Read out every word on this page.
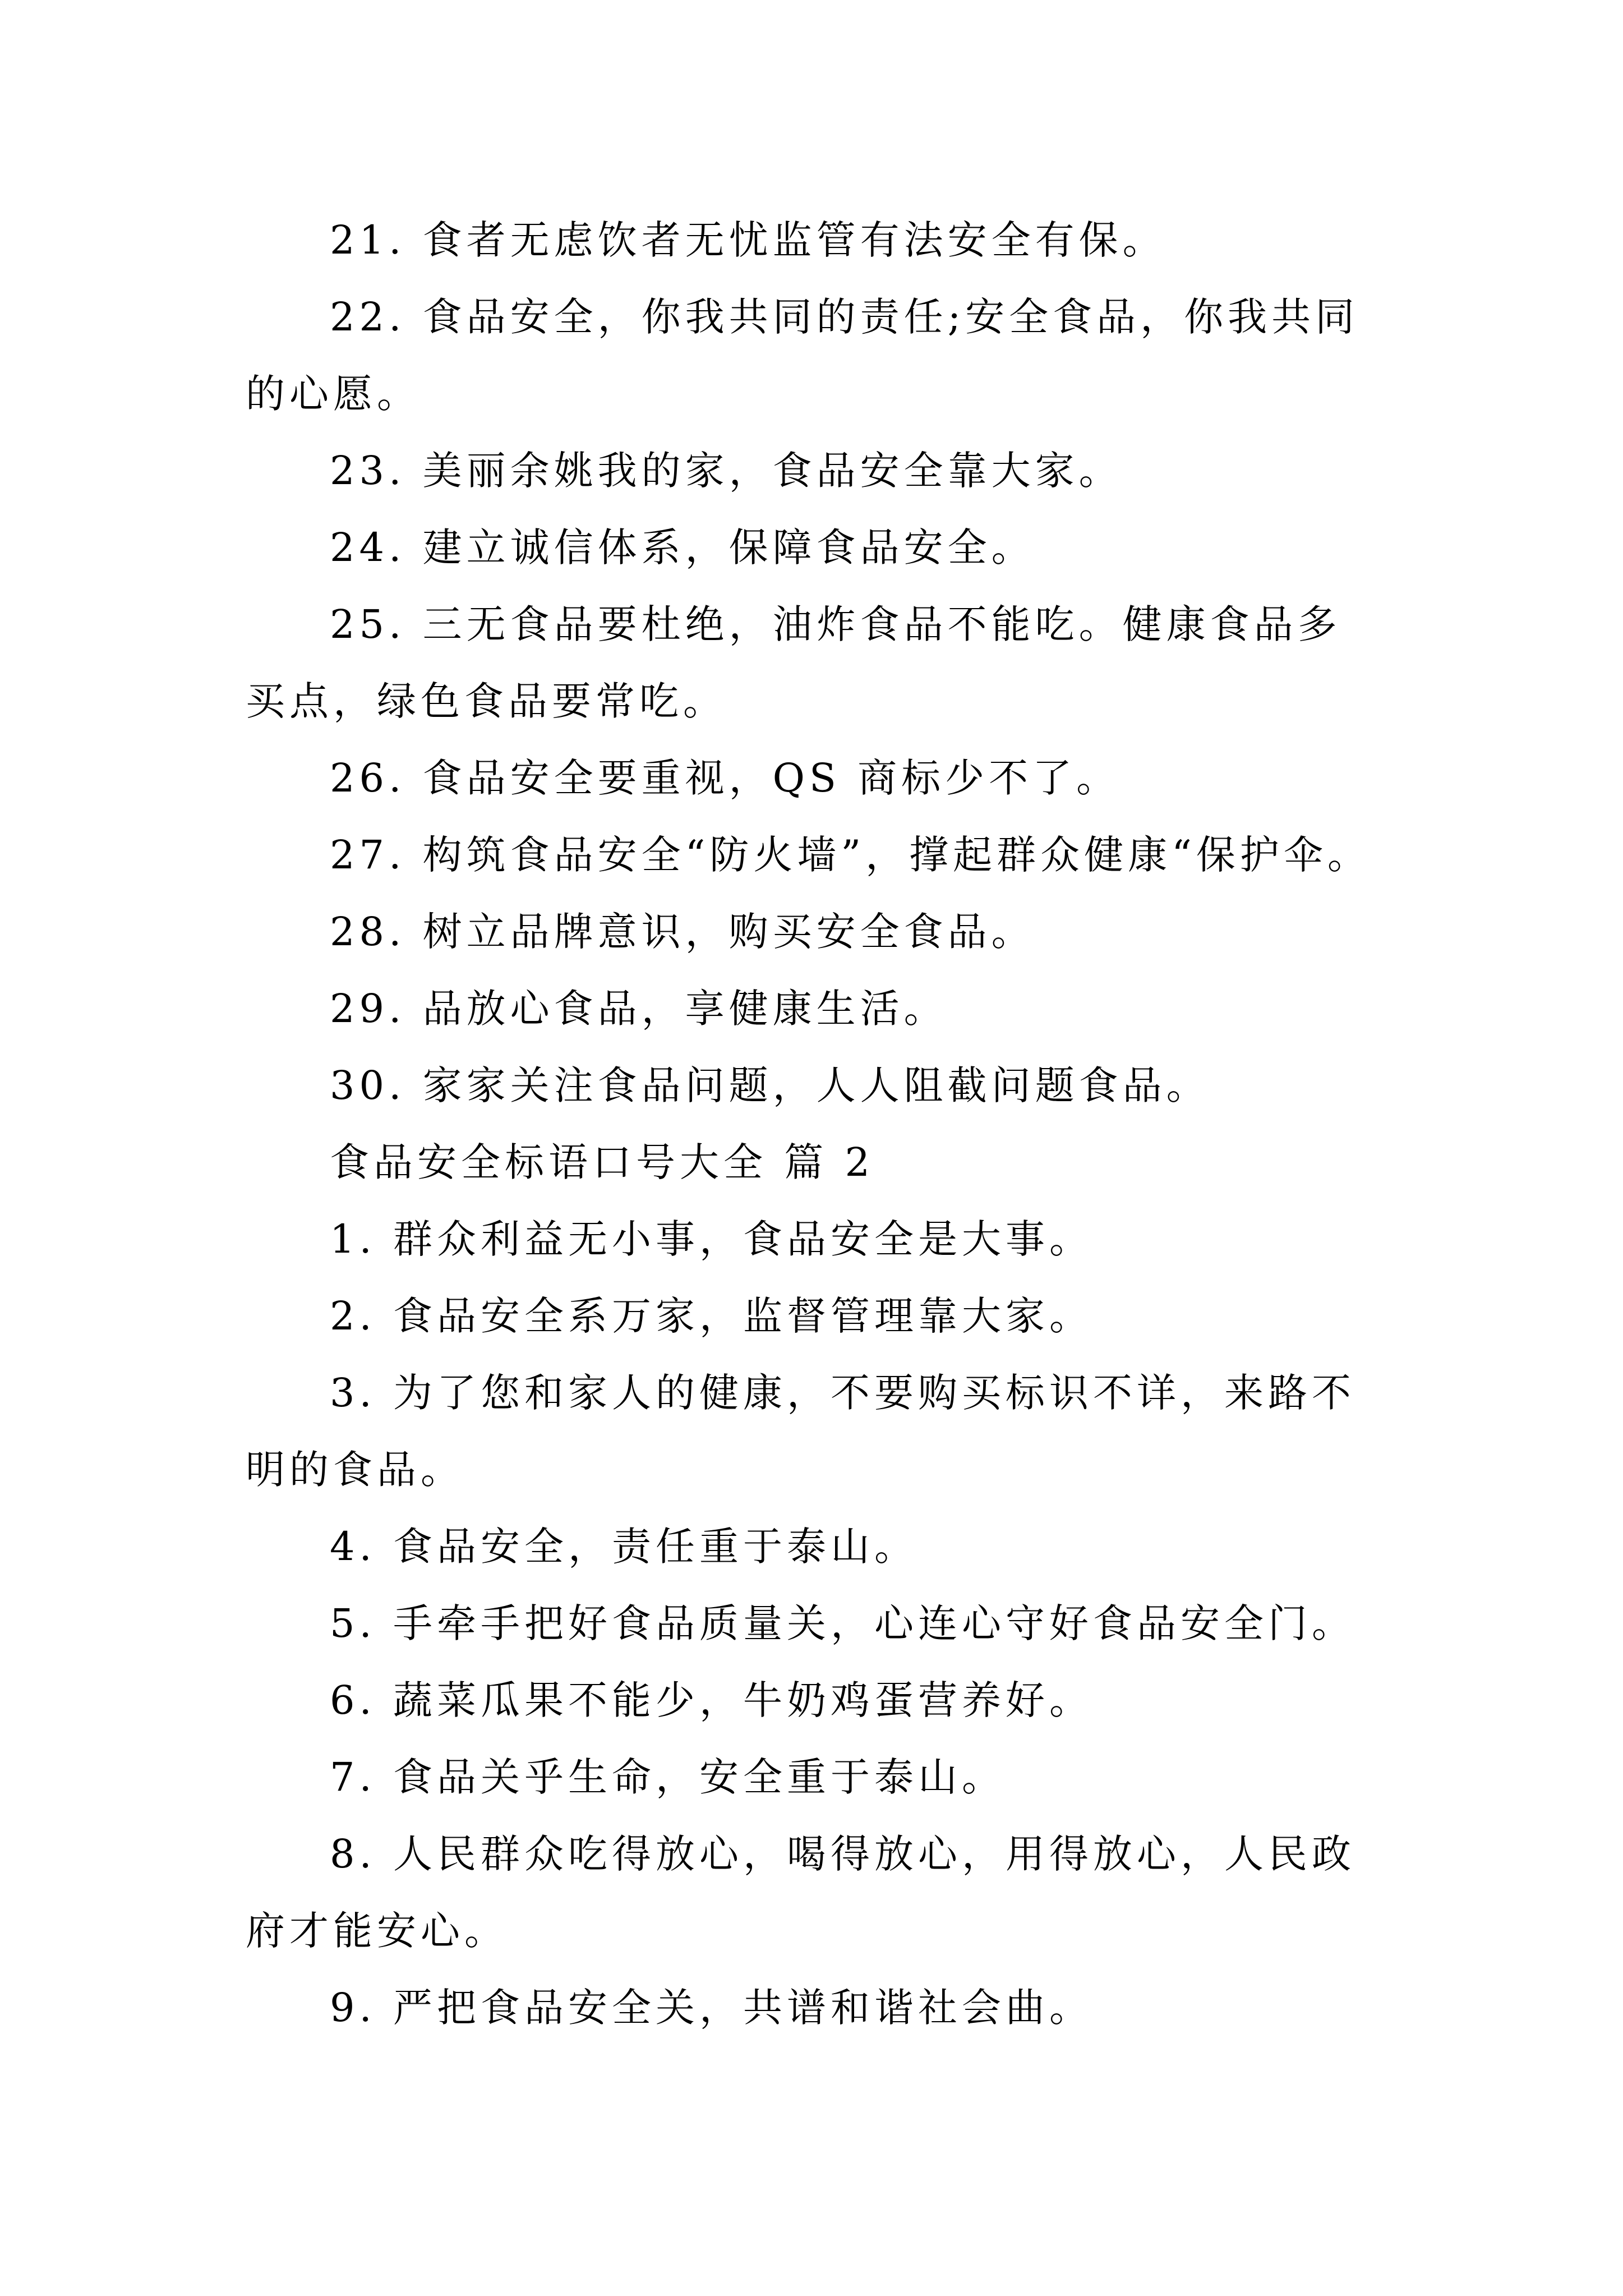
21. 食者无虑饮者无忧监管有法安全有保。

22. 食品安全，你我共同的责任;安全食品，你我共同的心愿。

23. 美丽余姚我的家，食品安全靠大家。

24. 建立诚信体系，保障食品安全。

25. 三无食品要杜绝，油炸食品不能吃。健康食品多买点，绿色食品要常吃。

26. 食品安全要重视，QS 商标少不了。

27. 构筑食品安全“防火墙”，撑起群众健康“保护伞。

28. 树立品牌意识，购买安全食品。

29. 品放心食品，享健康生活。

30. 家家关注食品问题，人人阻截问题食品。

食品安全标语口号大全 篇 2

1. 群众利益无小事，食品安全是大事。

2. 食品安全系万家，监督管理靠大家。

3. 为了您和家人的健康，不要购买标识不详，来路不明的食品。

4. 食品安全，责任重于泰山。

5. 手牵手把好食品质量关，心连心守好食品安全门。

6. 蔬菜瓜果不能少，牛奶鸡蛋营养好。

7. 食品关乎生命，安全重于泰山。

8. 人民群众吃得放心，喝得放心，用得放心，人民政府才能安心。

9. 严把食品安全关，共谱和谐社会曲。
